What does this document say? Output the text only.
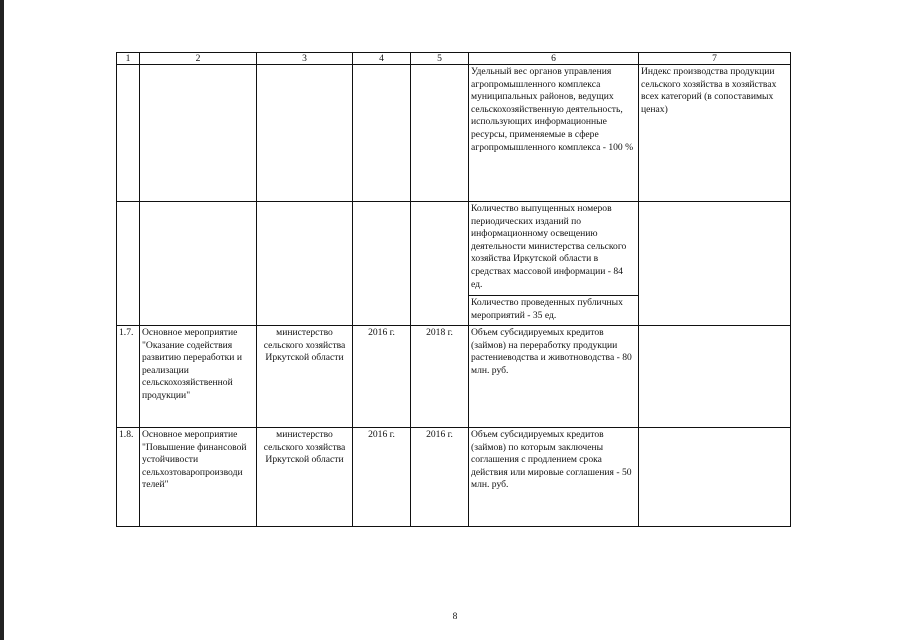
1	2	3	4	5	6	7
					Удельный вес органов управления агропромышленного комплекса муниципальных районов, ведущих сельскохозяйственную деятельность, использующих информационные ресурсы, применяемые в сфере агропромышленного комплекса - 100 %	Индекс производства продукции сельского хозяйства в хозяйствах всех категорий (в сопоставимых ценах)
					Количество выпущенных номеров периодических изданий по информационному освещению деятельности министерства сельского хозяйства Иркутской области в средствах массовой информации - 84 ед.	
					Количество проведенных публичных мероприятий - 35 ед.	
1.7.	Основное мероприятие "Оказание содействия развитию переработки и реализации сельскохозяйственной продукции"	министерство сельского хозяйства Иркутской области	2016 г.	2018 г.	Объем субсидируемых кредитов (займов) на переработку продукции растениеводства и животноводства - 80 млн. руб.	
1.8.	Основное мероприятие "Повышение финансовой устойчивости сельхозтоваропроизводи телей"	министерство сельского хозяйства Иркутской области	2016 г.	2016 г.	Объем субсидируемых кредитов (займов) по которым заключены соглашения с продлением срока действия или мировые соглашения - 50 млн. руб.	
8
